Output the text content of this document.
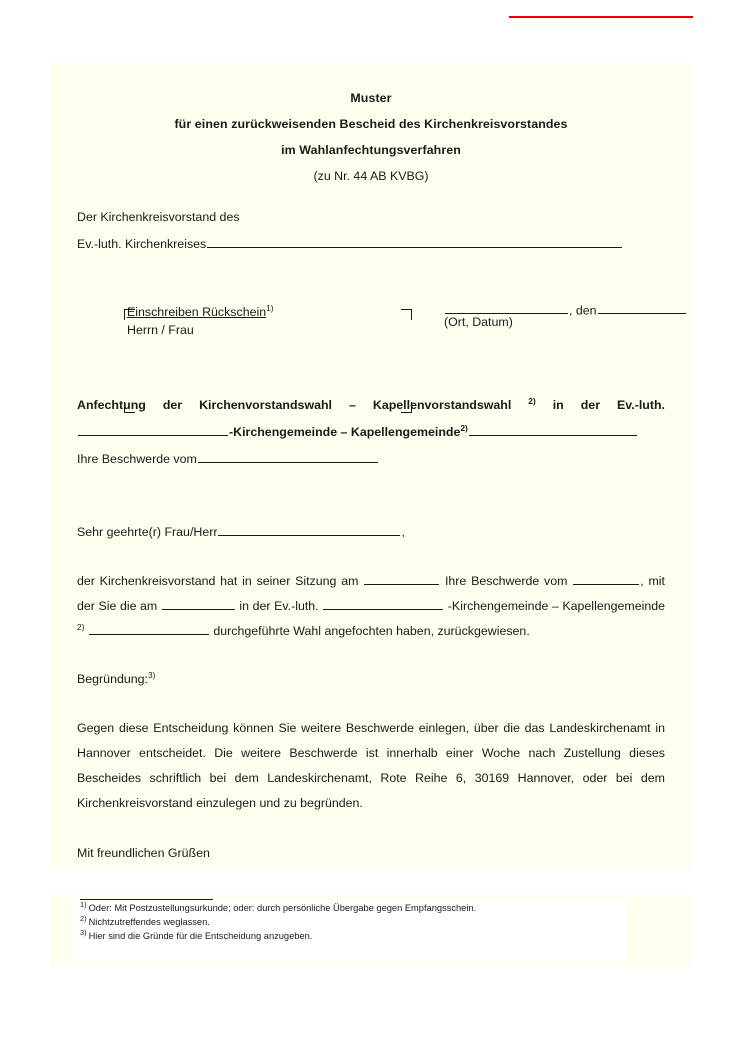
Muster
für einen zurückweisenden Bescheid des Kirchenkreisvorstandes
im Wahlanfechtungsverfahren
(zu Nr. 44 AB KVBG)
Der Kirchenkreisvorstand des
Ev.-luth. Kirchenkreises
Einschreiben Rückschein$^{1)}$
Herrn / Frau
, den
(Ort, Datum)
Anfechtung der Kirchenvorstandswahl – Kapellenvorstandswahl $^{2)}$ in der Ev.-luth. -Kirchengemeinde – Kapellengemeinde$^{2)}$
Ihre Beschwerde vom
Sehr geehrte(r) Frau/Herr	,
der Kirchenkreisvorstand hat in seiner Sitzung am	Ihre Beschwerde vom	, mit der Sie die am	in der Ev.-luth.	-Kirchengemeinde – Kapellengemeinde $^{2)}$	durchgeführte Wahl angefochten haben, zurückgewiesen.
Begründung:$^{3)}$
Gegen diese Entscheidung können Sie weitere Beschwerde einlegen, über die das Landeskirchenamt in Hannover entscheidet. Die weitere Beschwerde ist innerhalb einer Woche nach Zustellung dieses Bescheides schriftlich bei dem Landeskirchenamt, Rote Reihe 6, 30169 Hannover, oder bei dem Kirchenkreisvorstand einzulegen und zu begründen.
Mit freundlichen Grüßen
$^{1)}$ Oder: Mit Postzustellungsurkunde; oder: durch persönliche Übergabe gegen Empfangsschein.
$^{2)}$ Nichtzutreffendes weglassen.
$^{3)}$ Hier sind die Gründe für die Entscheidung anzugeben.
